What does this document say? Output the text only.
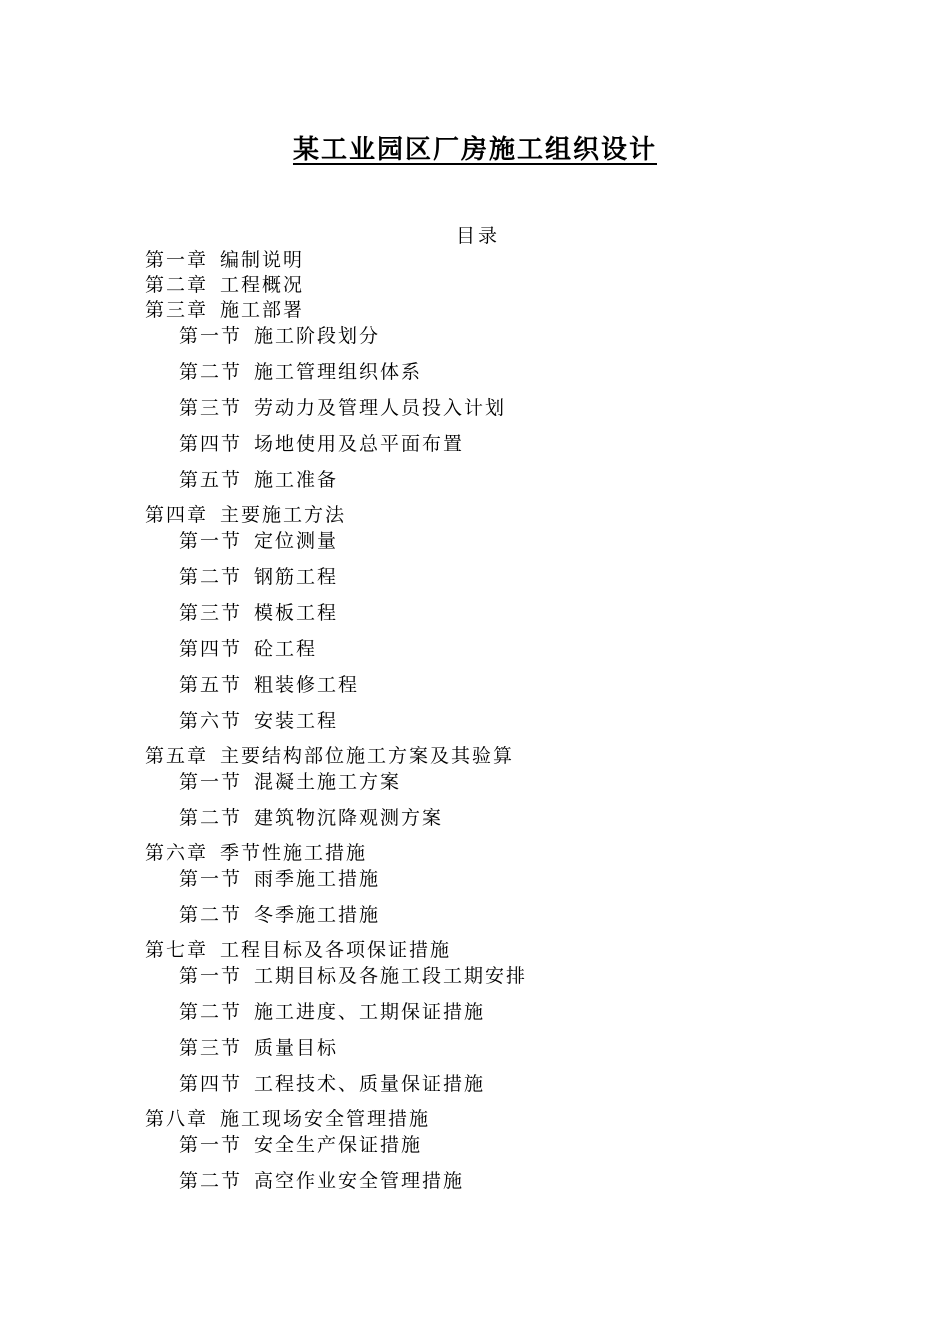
某工业园区厂房施工组织设计
目录
第一章 编制说明
第二章 工程概况
第三章 施工部署
第一节 施工阶段划分
第二节 施工管理组织体系
第三节 劳动力及管理人员投入计划
第四节 场地使用及总平面布置
第五节 施工准备
第四章 主要施工方法
第一节 定位测量
第二节 钢筋工程
第三节 模板工程
第四节 砼工程
第五节 粗装修工程
第六节 安装工程
第五章 主要结构部位施工方案及其验算
第一节 混凝土施工方案
第二节 建筑物沉降观测方案
第六章 季节性施工措施
第一节 雨季施工措施
第二节 冬季施工措施
第七章 工程目标及各项保证措施
第一节 工期目标及各施工段工期安排
第二节 施工进度、工期保证措施
第三节 质量目标
第四节 工程技术、质量保证措施
第八章 施工现场安全管理措施
第一节 安全生产保证措施
第二节 高空作业安全管理措施
